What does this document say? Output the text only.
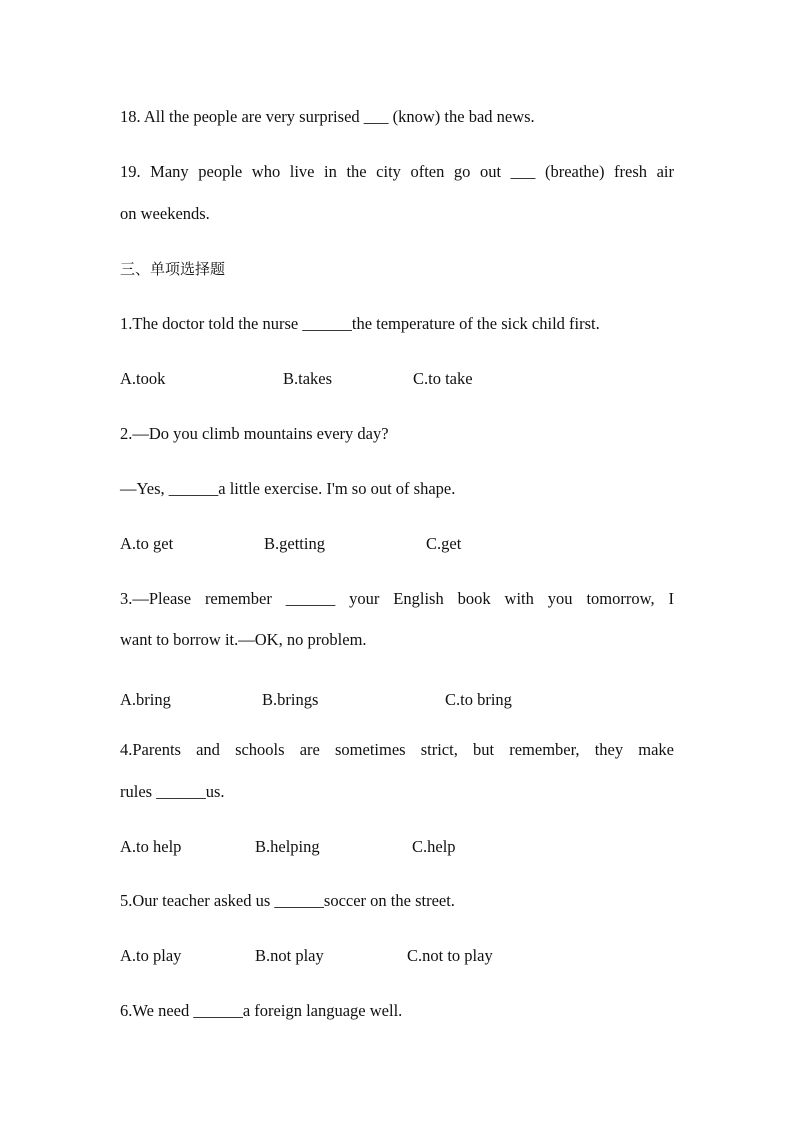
18. All the people are very surprised ___ (know) the bad news.
19. Many people who live in the city often go out ___ (breathe) fresh air
on weekends.
三、单项选择题
1.The doctor told the nurse ______the temperature of the sick child first.
A.took	B.takes	C.to take
2.—Do you climb mountains every day?
—Yes, ______a little exercise. I'm so out of shape.
A.to get	B.getting	C.get
3.—Please remember ______ your English book with you tomorrow, I
want to borrow it.—OK, no problem.
A.bring	B.brings	C.to bring
4.Parents and schools are sometimes strict, but remember, they make
rules ______us.
A.to help	B.helping	C.help
5.Our teacher asked us ______soccer on the street.
A.to play	B.not play	C.not to play
6.We need ______a foreign language well.
